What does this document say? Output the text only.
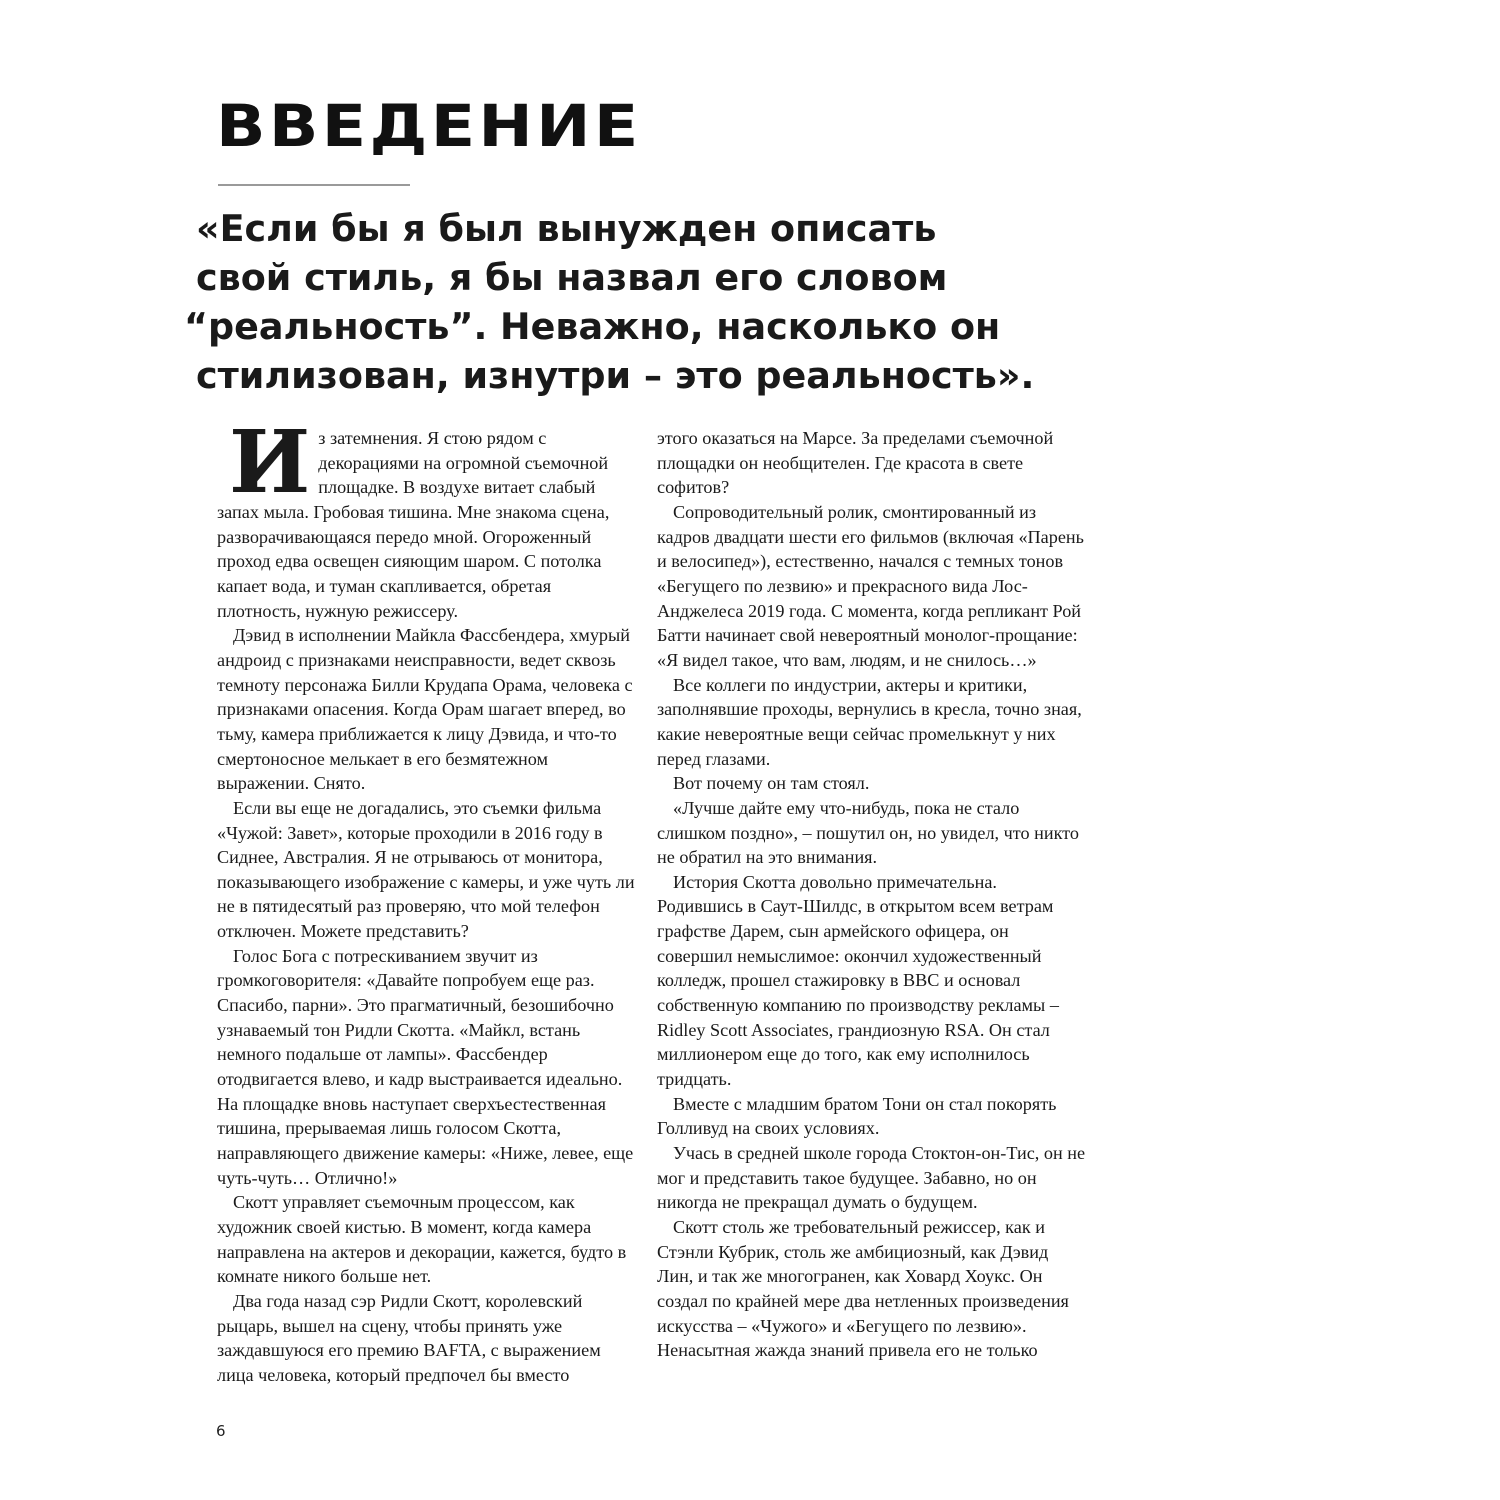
ВВЕДЕНИЕ
«Если бы я был вынужден описать
свой стиль, я бы назвал его словом
“реальность”. Неважно, насколько он
стилизован, изнутри – это реальность».

Из затемнения. Я стою рядом с декорациями на огромной съемочной площадке. В воздухе витает слабый запах мыла. Гробовая тишина. Мне знакома сцена, разворачивающаяся передо мной. Огороженный проход едва освещен сияющим шаром. С потолка капает вода, и туман скапливается, обретая плотность, нужную режиссеру.

Дэвид в исполнении Майкла Фассбендера, хмурый андроид с признаками неисправности, ведет сквозь темноту персонажа Билли Крудапа Орама, человека с признаками опасения. Когда Орам шагает вперед, во тьму, камера приближается к лицу Дэвида, и что-то смертоносное мелькает в его безмятежном выражении. Снято.

Если вы еще не догадались, это съемки фильма «Чужой: Завет», которые проходили в 2016 году в Сиднее, Австралия. Я не отрываюсь от монитора, показывающего изображение с камеры, и уже чуть ли не в пятидесятый раз проверяю, что мой телефон отключен. Можете представить?

Голос Бога с потрескиванием звучит из громкоговорителя: «Давайте попробуем еще раз. Спасибо, парни». Это прагматичный, безошибочно узнаваемый тон Ридли Скотта. «Майкл, встань немного подальше от лампы». Фассбендер отодвигается влево, и кадр выстраивается идеально. На площадке вновь наступает сверхъестественная тишина, прерываемая лишь голосом Скотта, направляющего движение камеры: «Ниже, левее, еще чуть-чуть… Отлично!»

Скотт управляет съемочным процессом, как художник своей кистью. В момент, когда камера направлена на актеров и декорации, кажется, будто в комнате никого больше нет.

Два года назад сэр Ридли Скотт, королевский рыцарь, вышел на сцену, чтобы принять уже заждавшуюся его премию BAFTA, с выражением лица человека, который предпочел бы вместо

этого оказаться на Марсе. За пределами съемочной площадки он необщителен. Где красота в свете софитов?

Сопроводительный ролик, смонтированный из кадров двадцати шести его фильмов (включая «Парень и велосипед»), естественно, начался с темных тонов «Бегущего по лезвию» и прекрасного вида Лос-Анджелеса 2019 года. С момента, когда репликант Рой Батти начинает свой невероятный монолог-прощание: «Я видел такое, что вам, людям, и не снилось…»

Все коллеги по индустрии, актеры и критики, заполнявшие проходы, вернулись в кресла, точно зная, какие невероятные вещи сейчас промелькнут у них перед глазами.

Вот почему он там стоял.

«Лучше дайте ему что-нибудь, пока не стало слишком поздно», – пошутил он, но увидел, что никто не обратил на это внимания.

История Скотта довольно примечательна. Родившись в Саут-Шилдс, в открытом всем ветрам графстве Дарем, сын армейского офицера, он совершил немыслимое: окончил художественный колледж, прошел стажировку в BBC и основал собственную компанию по производству рекламы – Ridley Scott Associates, грандиозную RSA. Он стал миллионером еще до того, как ему исполнилось тридцать.

Вместе с младшим братом Тони он стал покорять Голливуд на своих условиях.

Учась в средней школе города Стоктон-он-Тис, он не мог и представить такое будущее. Забавно, но он никогда не прекращал думать о будущем.

Скотт столь же требовательный режиссер, как и Стэнли Кубрик, столь же амбициозный, как Дэвид Лин, и так же многогранен, как Ховард Хоукс. Он создал по крайней мере два нетленных произведения искусства – «Чужого» и «Бегущего по лезвию». Ненасытная жажда знаний привела его не только

6
